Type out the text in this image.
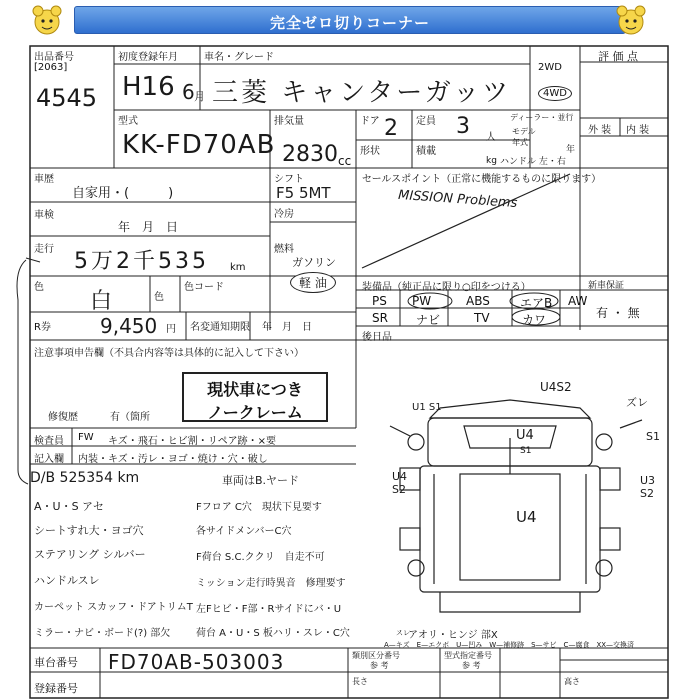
完全ゼロ切りコーナー
出品番号
[2063]
4545
初度登録年月	車名・グレード
H16 6 月 三菱 キャンターガッツ
2WD
4WD
評 価 点
型式
KK-FD70AB
排気量
2830 cc
ドア 2 定員 3 人
ディーラー・並行
モデル 年式
形状	積載
kg ハンドル 左・右
年
外 装 内 装
車歴
自家用・(　　　)
シフト
F5 5MT
冷房
車検
年　月　日
走行 5万2千535 km
燃料
ガソリン
軽 油
色
白	色
色コード
R券 9,450 円 名変通知期限 年　月　日
セールスポイント（正常に機能するものに限ります）
MISSION Problems
装備品（純正品に限り○印をつける）	新車保証
PS PW	ABS	エアB AW
SR ナビ	TV	カワ	有 ・ 無
後日品
注意事項申告欄（不具合内容等は具体的に記入して下さい）
現状車につき
ノークレーム
修復歴	有（箇所
検査員 FW キズ・飛石・ヒビ割・リペア跡・×要
記入欄 内装・キズ・汚レ・ヨゴ・焼け・穴・破し
D/B 525354 km	車両はB.ヤード
A・U・S アセ
シートすれ大・ヨゴ穴
ステアリング シルバー
ハンドルスレ
カーペット スカッフ・ドアトリムT
ミラー・ナビ・ボード(?) 部欠
Fフロア C穴　現状下見要す
各サイドメンバーC穴
F荷台 S.C.ククリ　自走不可
ミッション走行時異音　修理要す
左Fヒビ・F部・Rサイドにバ・U
荷台 A・U・S 板ハリ・スレ・C穴
U4S2
U1 S1
U4
S1
S1
U4 S2
U3 S2
U4
ズレ
アオリ・ヒンジ 部X
スレ
A—キズ　E—エクボ　U—凹み　W—補修跡　S—サビ　C—腐食　XX—交換済
車台番号 FD70AB-503003
登録番号
類別区分番号
参 考
型式指定番号
参 考
長さ	高さ
